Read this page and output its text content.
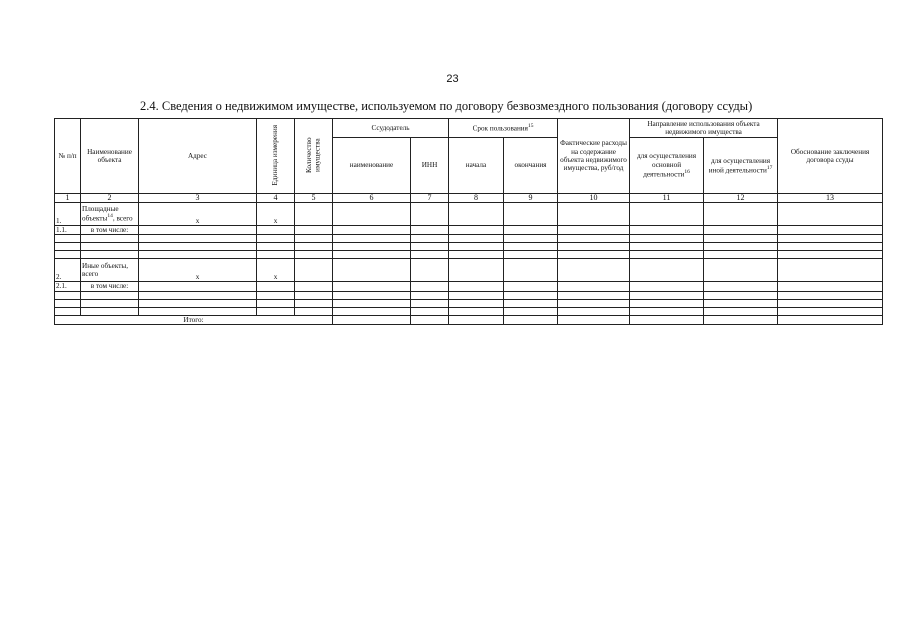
23
2.4. Сведения о недвижимом имуществе, используемом по договору безвозмездного пользования (договору ссуды)
№ п/п	Наименование объекта	Адрес	Единица измерения	Количество имущества	Ссудодатель		Срок пользования$^{15}$		Фактические расходы на содержание объекта недвижимого имущества, руб/год	Направление использования объекта недвижимого имущества		Обоснование заключения договора ссуды
					наименование	ИНН	начала	окончания		для осуществления основной деятельности$^{16}$	для осуществления иной деятельности$^{17}$
1	2	3	4	5	6	7	8	9	10	11	12	13
1.	Площадные объекты$^{14}$, всего	х	х									
1.1.	в том числе:											

2.	Иные объекты, всего	х	х									
2.1.	в том числе:											

Итого:												
